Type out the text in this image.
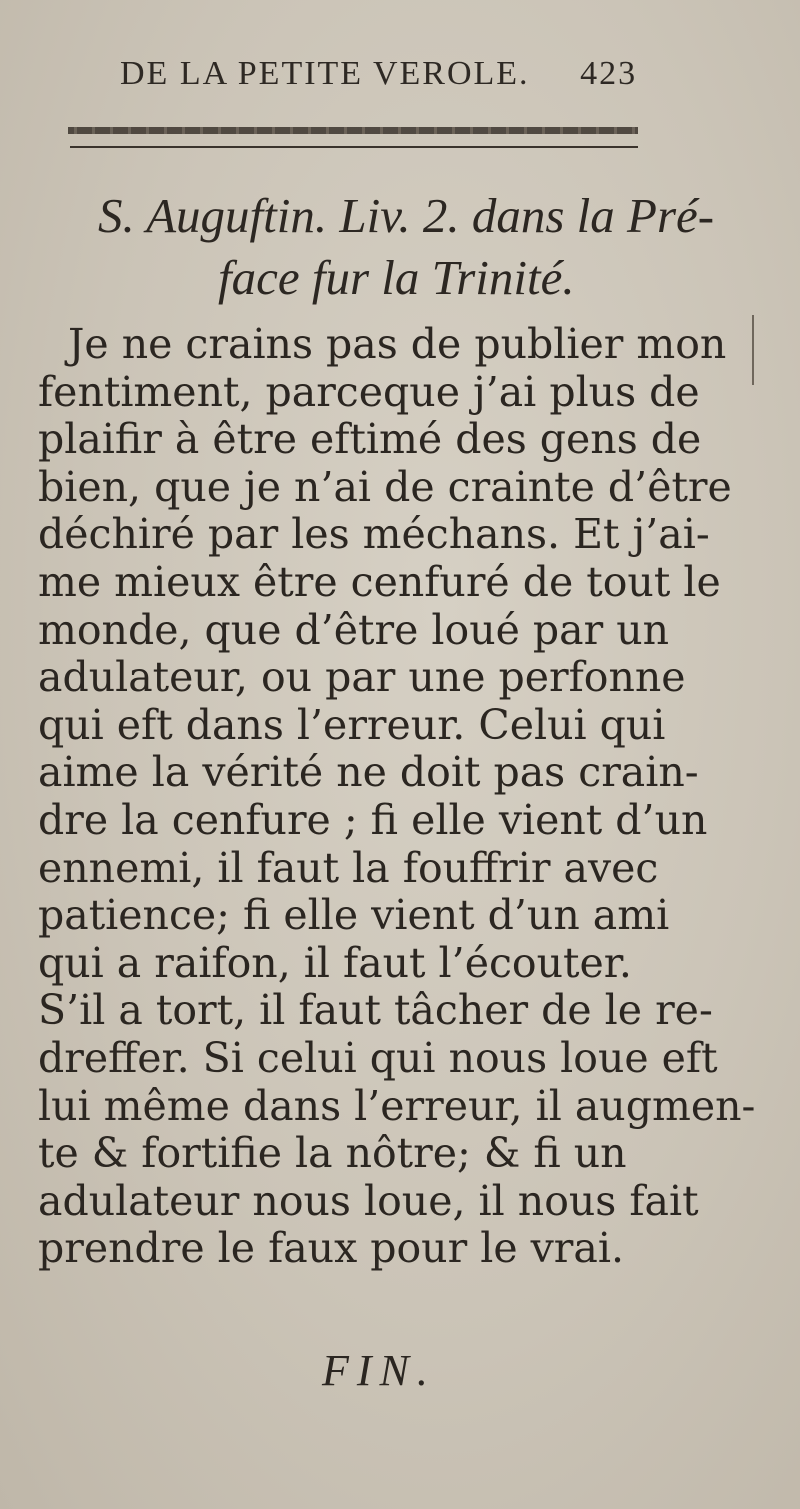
DE LA PETITE VEROLE. 423
S. Auguftin. Liv. 2. dans la Pré-
face fur la Trinité.
Je ne crains pas de publier mon
fentiment, parceque j’ai plus de
plaifir à être eftimé des gens de
bien, que je n’ai de crainte d’être
déchiré par les méchans. Et j’ai-
me mieux être cenfuré de tout le
monde, que d’être loué par un
adulateur, ou par une perfonne
qui eft dans l’erreur. Celui qui
aime la vérité ne doit pas crain-
dre la cenfure ; fi elle vient d’un
ennemi, il faut la fouffrir avec
patience; fi elle vient d’un ami
qui a raifon, il faut l’écouter.
S’il a tort, il faut tâcher de le re-
dreffer. Si celui qui nous loue eft
lui même dans l’erreur, il augmen-
te & fortifie la nôtre; & fi un
adulateur nous loue, il nous fait
prendre le faux pour le vrai.
FIN.
